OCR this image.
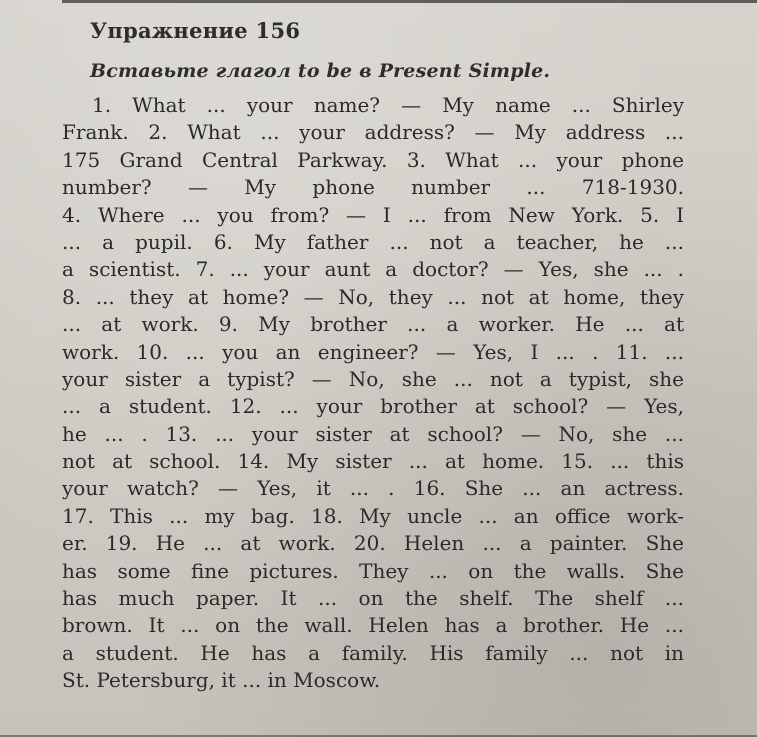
Упражнение 156
Вставьте глагол to be в Present Simple.
1. What ... your name? — My name ... Shirley
Frank. 2. What ... your address? — My address ...
175 Grand Central Parkway. 3. What ... your phone
number? — My phone number ... 718-1930.
4. Where ... you from? — I ... from New York. 5. I
... a pupil. 6. My father ... not a teacher, he ...
a scientist. 7. ... your aunt a doctor? — Yes, she ... .
8. ... they at home? — No, they ... not at home, they
... at work. 9. My brother ... a worker. He ... at
work. 10. ... you an engineer? — Yes, I ... . 11. ...
your sister a typist? — No, she ... not a typist, she
... a student. 12. ... your brother at school? — Yes,
he ... . 13. ... your sister at school? — No, she ...
not at school. 14. My sister ... at home. 15. ... this
your watch? — Yes, it ... . 16. She ... an actress.
17. This ... my bag. 18. My uncle ... an office work-
er. 19. He ... at work. 20. Helen ... a painter. She
has some fine pictures. They ... on the walls. She
has much paper. It ... on the shelf. The shelf ...
brown. It ... on the wall. Helen has a brother. He ...
a student. He has a family. His family ... not in
St. Petersburg, it ... in Moscow.
